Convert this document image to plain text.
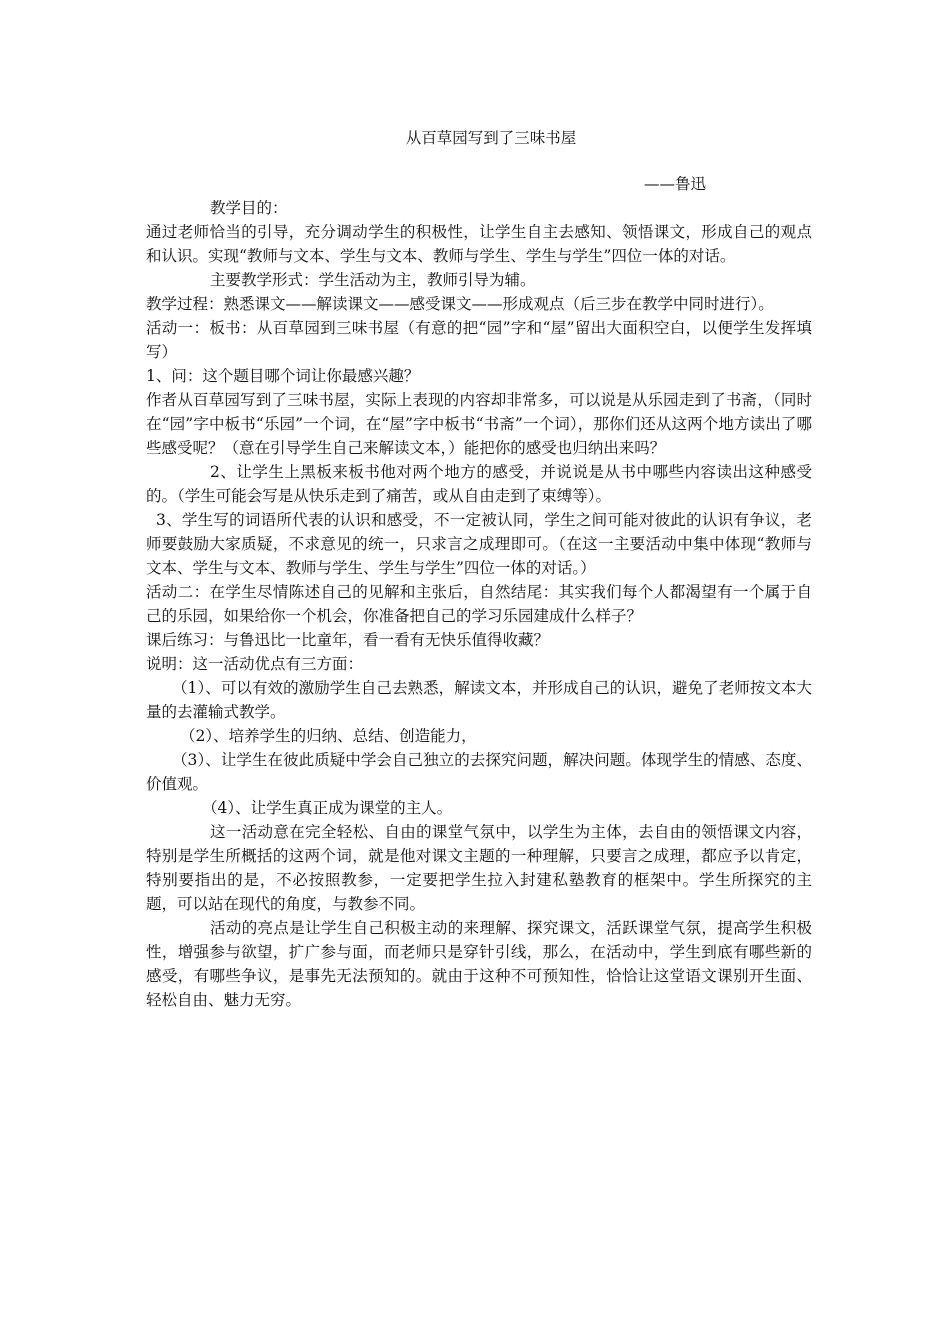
从百草园写到了三味书屋
——鲁迅

教学目的：

通过老师恰当的引导，充分调动学生的积极性，让学生自主去感知、领悟课文，形成自己的观点和认识。实现“教师与文本、学生与文本、教师与学生、学生与学生”四位一体的对话。

主要教学形式：学生活动为主，教师引导为辅。

教学过程：熟悉课文——解读课文——感受课文——形成观点（后三步在教学中同时进行）。

活动一：板书：从百草园到三味书屋（有意的把“园”字和“屋”留出大面积空白，以便学生发挥填写）

1、问：这个题目哪个词让你最感兴趣？

作者从百草园写到了三味书屋，实际上表现的内容却非常多，可以说是从乐园走到了书斋，（同时在“园”字中板书“乐园”一个词，在“屋”字中板书“书斋”一个词），那你们还从这两个地方读出了哪些感受呢？（意在引导学生自己来解读文本，）能把你的感受也归纳出来吗？

2、让学生上黑板来板书他对两个地方的感受，并说说是从书中哪些内容读出这种感受的。（学生可能会写是从快乐走到了痛苦，或从自由走到了束缚等）。

3、学生写的词语所代表的认识和感受，不一定被认同，学生之间可能对彼此的认识有争议，老师要鼓励大家质疑，不求意见的统一，只求言之成理即可。（在这一主要活动中集中体现“教师与文本、学生与文本、教师与学生、学生与学生”四位一体的对话。）

活动二：在学生尽情陈述自己的见解和主张后，自然结尾：其实我们每个人都渴望有一个属于自己的乐园，如果给你一个机会，你准备把自己的学习乐园建成什么样子？

课后练习：与鲁迅比一比童年，看一看有无快乐值得收藏？

说明：这一活动优点有三方面：

（1）、可以有效的激励学生自己去熟悉，解读文本，并形成自己的认识，避免了老师按文本大量的去灌输式教学。

（2）、培养学生的归纳、总结、创造能力，

（3）、让学生在彼此质疑中学会自己独立的去探究问题，解决问题。体现学生的情感、态度、价值观。

（4）、让学生真正成为课堂的主人。

这一活动意在完全轻松、自由的课堂气氛中，以学生为主体，去自由的领悟课文内容，特别是学生所概括的这两个词，就是他对课文主题的一种理解，只要言之成理，都应予以肯定，特别要指出的是，不必按照教参，一定要把学生拉入封建私塾教育的框架中。学生所探究的主题，可以站在现代的角度，与教参不同。

活动的亮点是让学生自己积极主动的来理解、探究课文，活跃课堂气氛，提高学生积极性，增强参与欲望，扩广参与面，而老师只是穿针引线，那么，在活动中，学生到底有哪些新的感受，有哪些争议，是事先无法预知的。就由于这种不可预知性，恰恰让这堂语文课别开生面、轻松自由、魅力无穷。
